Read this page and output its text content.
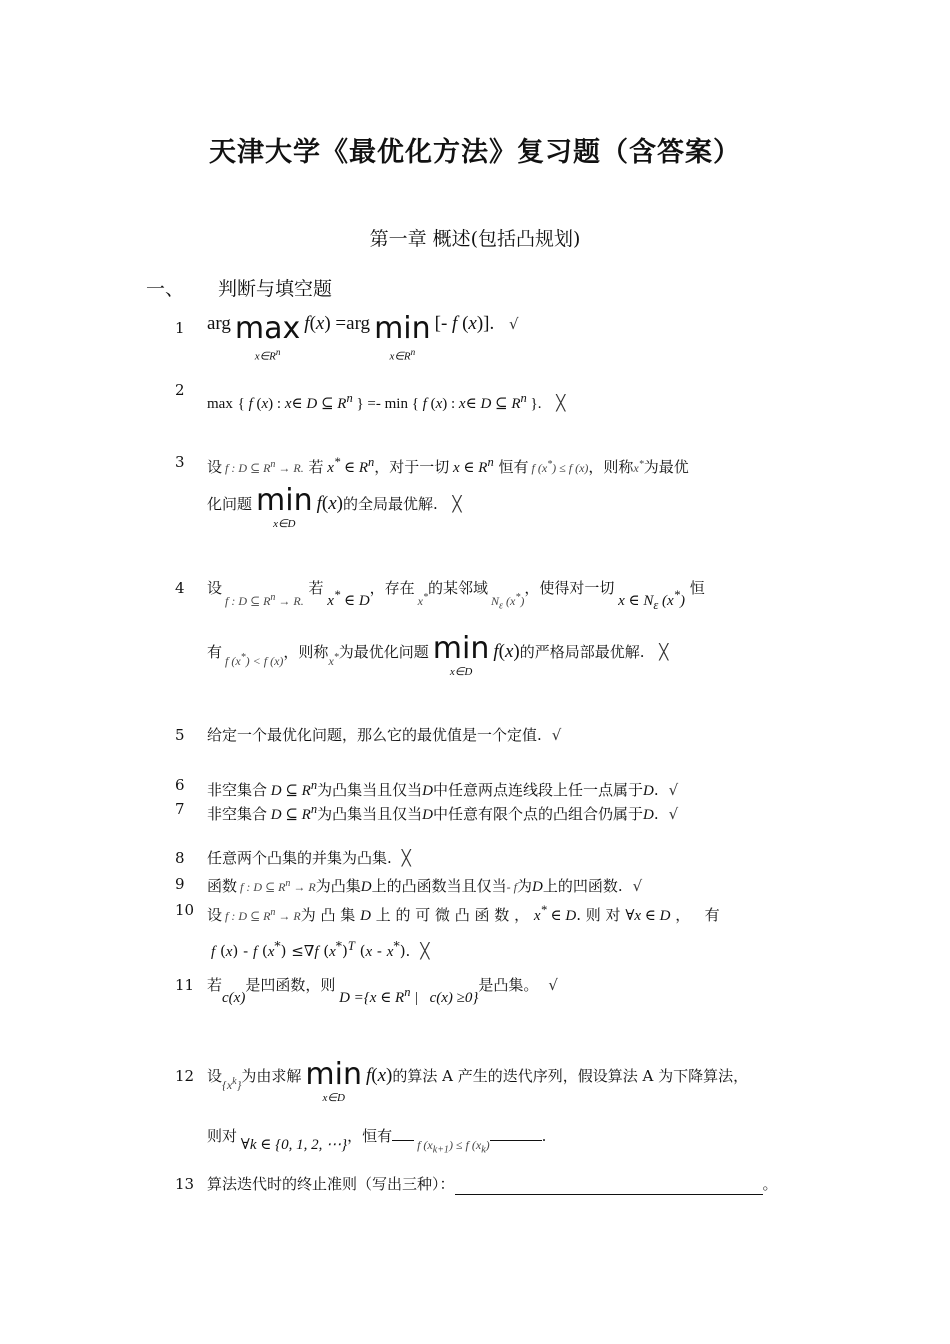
天津大学《最优化方法》复习题（含答案）
第一章 概述(包括凸规划)
一、 判断与填空题
1 arg max
$x\in R^n$
f(x) =arg min
$x\in R^n$
[- f (x)]. √
2
max { f (x) : x∈ D ⊆ $R^n$ } =- min { f (x) : x∈ D ⊆ $R^n$ }. ╳
3 设 f : D ⊆ $R^n \to R$. 若 x* ∈ $R^n$，对于一切 x ∈ $R^n$ 恒有 f (x*) ≤ f (x)，则称x*为最优
化问题 min
x∈D
f(x)的全局最优解. ╳
4 设 $_{f : D ⊆ R^n \to R.}$ 若 x* ∈ D，存在 $_{x^*}$的某邻域 $_{N_\varepsilon (x^*)}$，使得对一切 x ∈ $N_\varepsilon$ (x*) 恒
有 $_{f (x^*) < f (x)}$，则称$_{x^*}$为最优化问题 min
x∈D
f(x)的严格局部最优解. ╳
5 给定一个最优化问题，那么它的最优值是一个定值. √
6 非空集合 D ⊆ $R^n$为凸集当且仅当D中任意两点连线段上任一点属于D. √
7 非空集合 D ⊆ $R^n$为凸集当且仅当D中任意有限个点的凸组合仍属于D. √
8 任意两个凸集的并集为凸集. ╳
9 函数 f : D ⊆ $R^n \to R$为凸集D上的凸函数当且仅当- f为D上的凹函数. √
10 设 f : D ⊆ $R^n \to R$为 凸 集 D 上 的 可 微 凸 函 数 ， x* ∈ D. 则 对 ∀x ∈ D ，   有
f (x) - f (x*) ≤∇f $(x^*)^T$ (x - x*). ╳
11 若c(x)是凹函数，则 D ={x ∈ $R^n$ |   c(x) ≥0}是凸集。 √
12 设$_{\{x^k\}}$为由求解 min
x∈D
f(x)的算法 A 产生的迭代序列，假设算法 A 为下降算法，
则对 ∀k ∈ {0, 1, 2, ⋯}，恒有 $_{f (x_{k+1}) \le f (x_k)}$	.
13 算法迭代时的终止准则（写出三种）：	。
